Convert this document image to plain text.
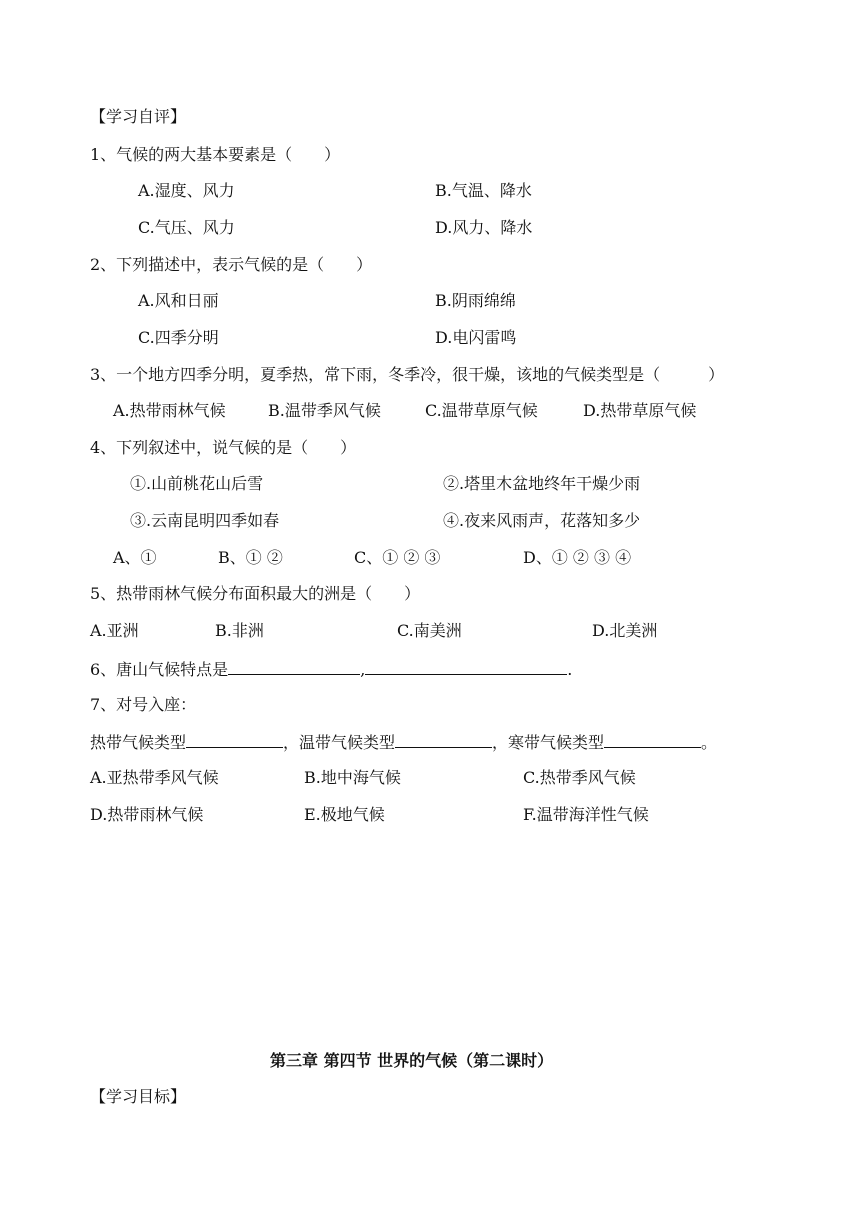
【学习自评】
1、气候的两大基本要素是（　　）
A.湿度、风力	B.气温、降水
C.气压、风力	D.风力、降水
2、下列描述中，表示气候的是（　　）
A.风和日丽	B.阴雨绵绵
C.四季分明	D.电闪雷鸣
3、一个地方四季分明，夏季热，常下雨，冬季冷，很干燥，该地的气候类型是（　　　）
A.热带雨林气候	B.温带季风气候	C.温带草原气候	D.热带草原气候
4、下列叙述中，说气候的是（　　）
①.山前桃花山后雪	②.塔里木盆地终年干燥少雨
③.云南昆明四季如春	④.夜来风雨声，花落知多少
A、①	B、① ②	C、① ② ③	D、① ② ③ ④
5、热带雨林气候分布面积最大的洲是（　　）
A.亚洲	B.非洲	C.南美洲	D.北美洲
6、唐山气候特点是	,	.
7、对号入座：
热带气候类型	，温带气候类型	，寒带气候类型	。
A.亚热带季风气候	B.地中海气候	C.热带季风气候
D.热带雨林气候	E.极地气候	F.温带海洋性气候
第三章 第四节 世界的气候（第二课时）
【学习目标】
